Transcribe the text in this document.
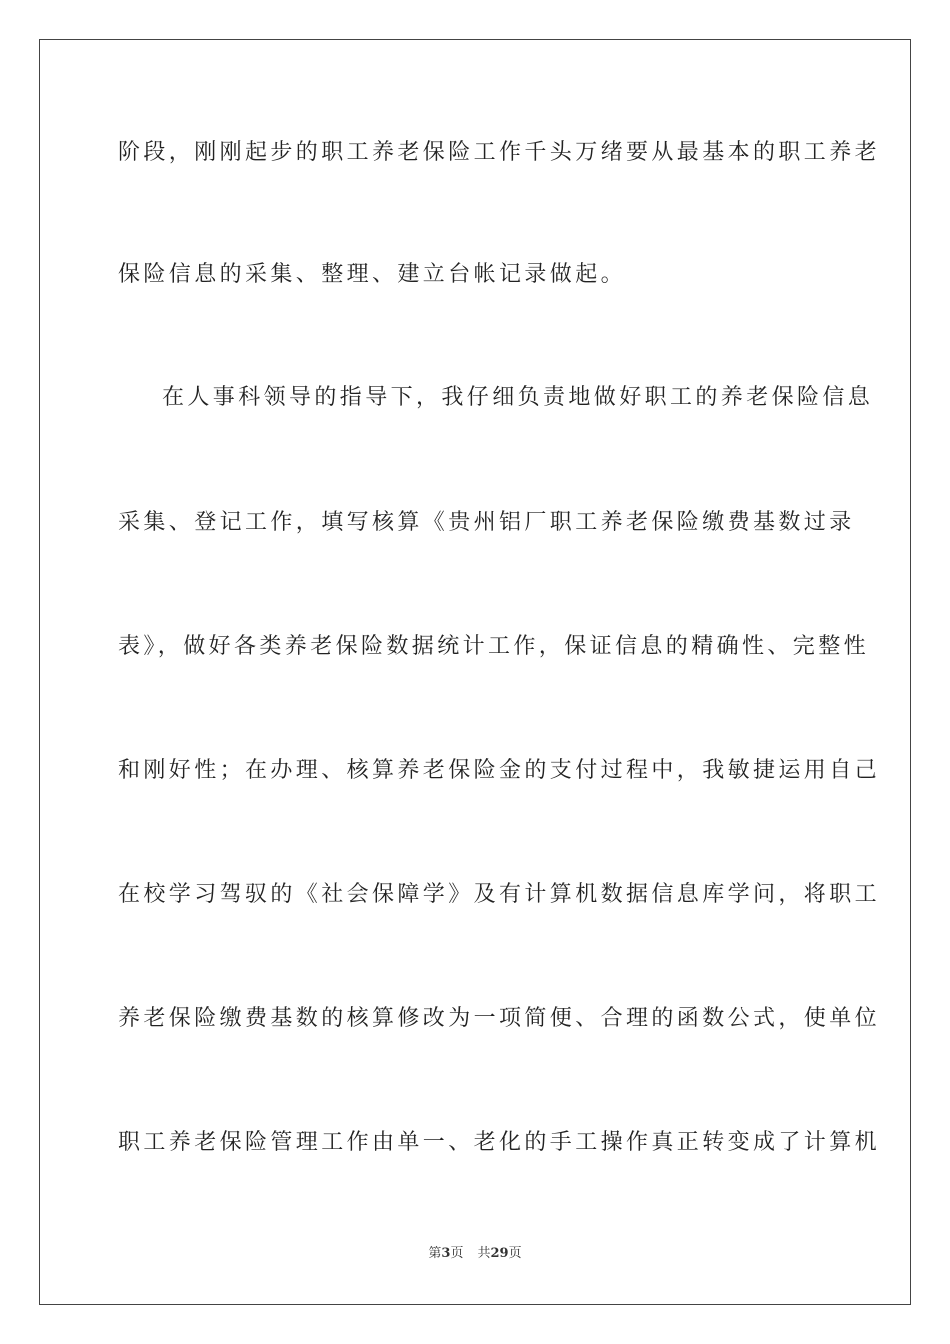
阶段，刚刚起步的职工养老保险工作千头万绪要从最基本的职工养老
保险信息的采集、整理、建立台帐记录做起。
在人事科领导的指导下，我仔细负责地做好职工的养老保险信息
采集、登记工作，填写核算《贵州铝厂职工养老保险缴费基数过录
表》，做好各类养老保险数据统计工作，保证信息的精确性、完整性
和刚好性；在办理、核算养老保险金的支付过程中，我敏捷运用自己
在校学习驾驭的《社会保障学》及有计算机数据信息库学问，将职工
养老保险缴费基数的核算修改为一项简便、合理的函数公式，使单位
职工养老保险管理工作由单一、老化的手工操作真正转变成了计算机
第3页 共29页
